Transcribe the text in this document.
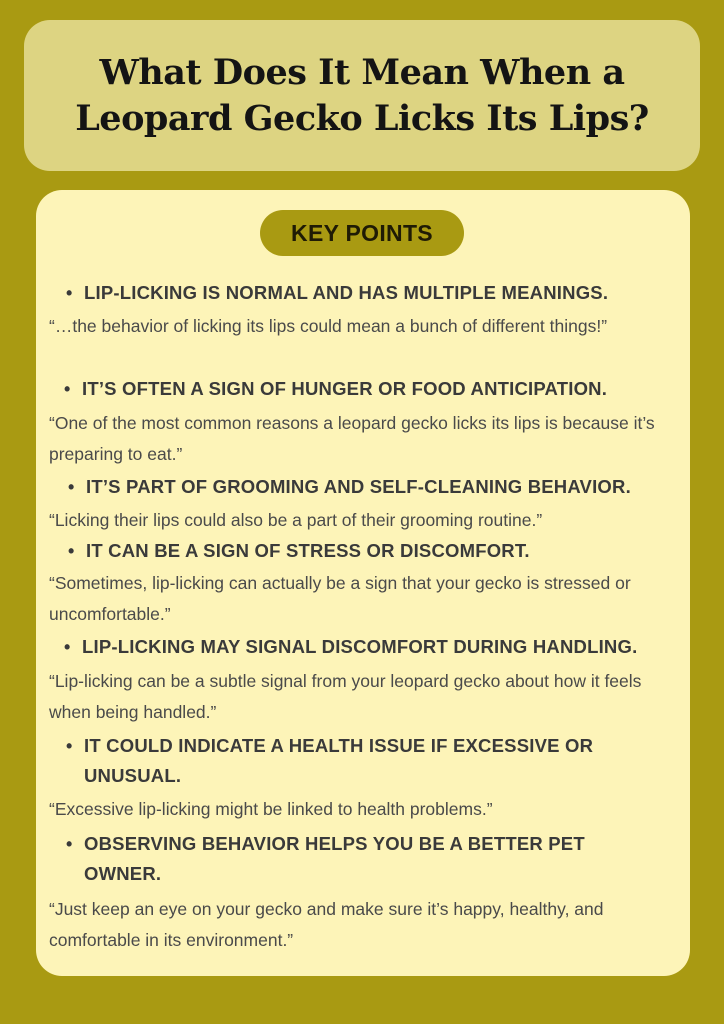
What Does It Mean When a Leopard Gecko Licks Its Lips?
KEY POINTS
• LIP-LICKING IS NORMAL AND HAS MULTIPLE MEANINGS.

“…the behavior of licking its lips could mean a bunch of different things!”

• IT’S OFTEN A SIGN OF HUNGER OR FOOD ANTICIPATION.

“One of the most common reasons a leopard gecko licks its lips is because it’s preparing to eat.”

• IT’S PART OF GROOMING AND SELF-CLEANING BEHAVIOR.

“Licking their lips could also be a part of their grooming routine.”

• IT CAN BE A SIGN OF STRESS OR DISCOMFORT.

“Sometimes, lip-licking can actually be a sign that your gecko is stressed or uncomfortable.”

• LIP-LICKING MAY SIGNAL DISCOMFORT DURING HANDLING.

“Lip-licking can be a subtle signal from your leopard gecko about how it feels when being handled.”

• IT COULD INDICATE A HEALTH ISSUE IF EXCESSIVE OR UNUSUAL.

“Excessive lip-licking might be linked to health problems.”

• OBSERVING BEHAVIOR HELPS YOU BE A BETTER PET OWNER.

“Just keep an eye on your gecko and make sure it’s happy, healthy, and comfortable in its environment.”
